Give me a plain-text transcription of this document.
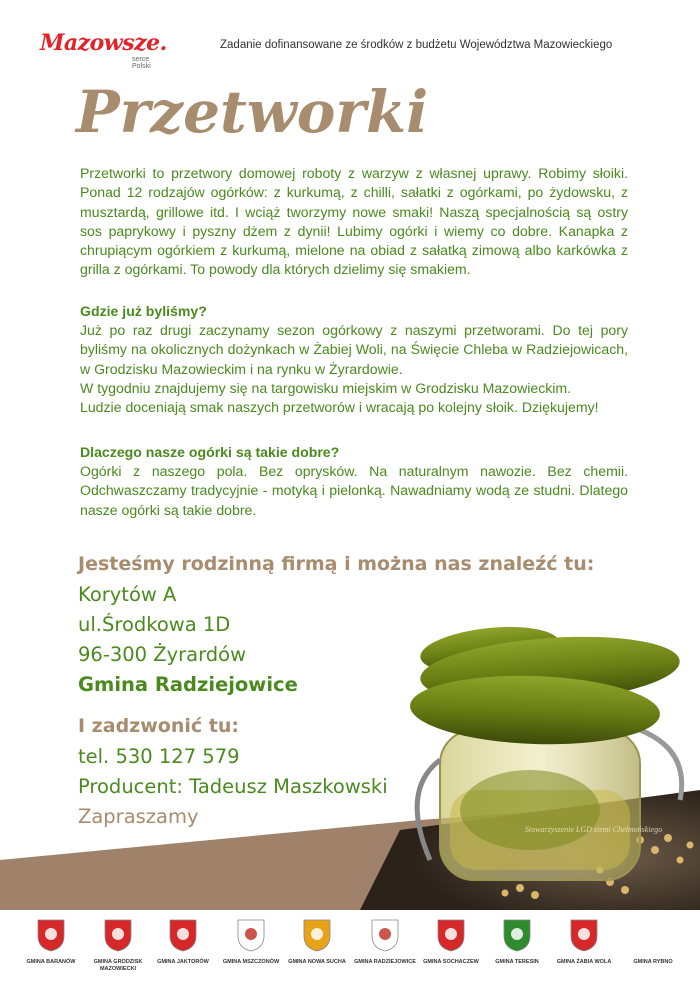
Mazowsze.
serce Polski
Zadanie dofinansowane ze środków z budżetu Województwa Mazowieckiego
Przetworki
Przetworki to przetwory domowej roboty z warzyw z własnej uprawy. Robimy słoiki. Ponad 12 rodzajów ogórków: z kurkumą, z chilli, sałatki z ogórkami, po żydowsku, z musztardą, grillowe itd. I wciąż tworzymy nowe smaki! Naszą specjalnością są ostry sos paprykowy i pyszny dżem z dynii! Lubimy ogórki i wiemy co dobre. Kanapka z chrupiącym ogórkiem z kurkumą, mielone na obiad z sałatką zimową albo karkówka z grilla z ogórkami. To powody dla których dzielimy się smakiem.
Gdzie już byliśmy?
Już po raz drugi zaczynamy sezon ogórkowy z naszymi przetworami. Do tej pory byliśmy na okolicznych dożynkach w Żabiej Woli, na Święcie Chleba w Radziejowicach, w Grodzisku Mazowieckim i na rynku w Żyrardowie.
W tygodniu znajdujemy się na targowisku miejskim w Grodzisku Mazowieckim.
Ludzie doceniają smak naszych przetworów i wracają po kolejny słoik. Dziękujemy!
Dlaczego nasze ogórki są takie dobre?
Ogórki z naszego pola. Bez oprysków. Na naturalnym nawozie. Bez chemii. Odchwaszczamy tradycyjnie - motyką i pielonką. Nawadniamy wodą ze studni. Dlatego nasze ogórki są takie dobre.
Stowarzyszenie LGD ziemi Chełmońskiego
Jesteśmy rodzinną firmą i można nas znaleźć tu:
Korytów A
ul.Środkowa 1D
96-300 Żyrardów
Gmina Radziejowice
I zadzwonić tu:
tel. 530 127 579
Producent: Tadeusz Maszkowski
Zapraszamy
GMINA BARANÓW	GMINA GRODZISK MAZOWIECKI
GMINA JAKTORÓW	GMINA MSZCZONÓW	GMINA NOWA SUCHA	GMINA RADZIEJOWICE	GMINA SOCHACZEW	GMINA TERESIN	GMINA ŻABIA WOLA	GMINA RYBNO
